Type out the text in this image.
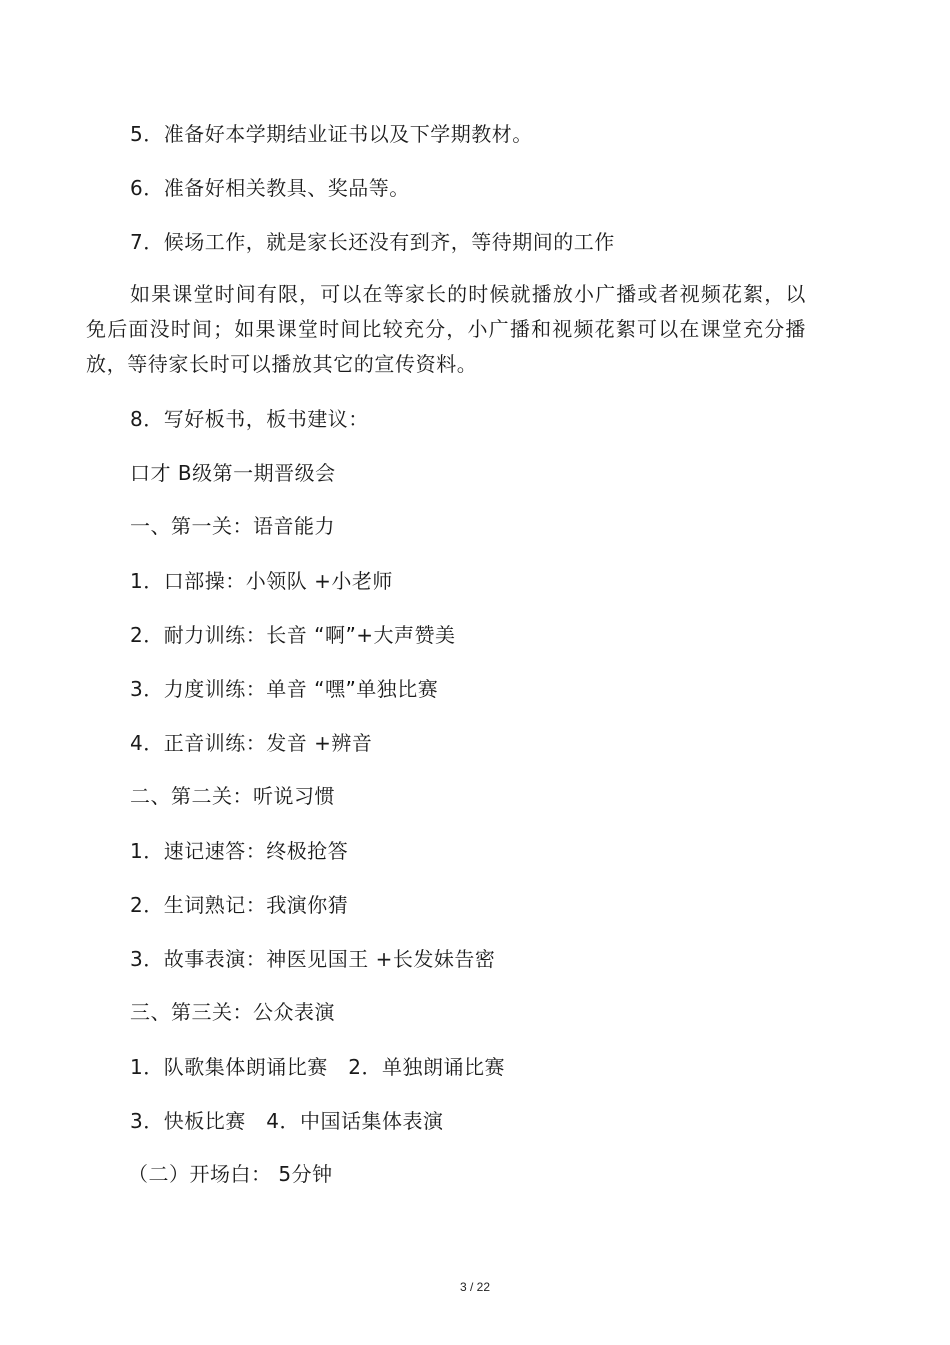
5．准备好本学期结业证书以及下学期教材。
6．准备好相关教具、奖品等。
7．候场工作，就是家长还没有到齐，等待期间的工作
如果课堂时间有限，可以在等家长的时候就播放小广播或者视频花絮，以免后面没时间；如果课堂时间比较充分，小广播和视频花絮可以在课堂充分播放，等待家长时可以播放其它的宣传资料。
8．写好板书，板书建议：
口才 B级第一期晋级会
一、第一关：语音能力
1．口部操：小领队 +小老师
2．耐力训练：长音 “啊”+大声赞美
3．力度训练：单音 “嘿”单独比赛
4．正音训练：发音 +辨音
二、第二关：听说习惯
1．速记速答：终极抢答
2．生词熟记：我演你猜
3．故事表演：神医见国王 +长发妹告密
三、第三关：公众表演
1．队歌集体朗诵比赛　2．单独朗诵比赛
3．快板比赛　4．中国话集体表演
（二）开场白： 5分钟
3 / 22
